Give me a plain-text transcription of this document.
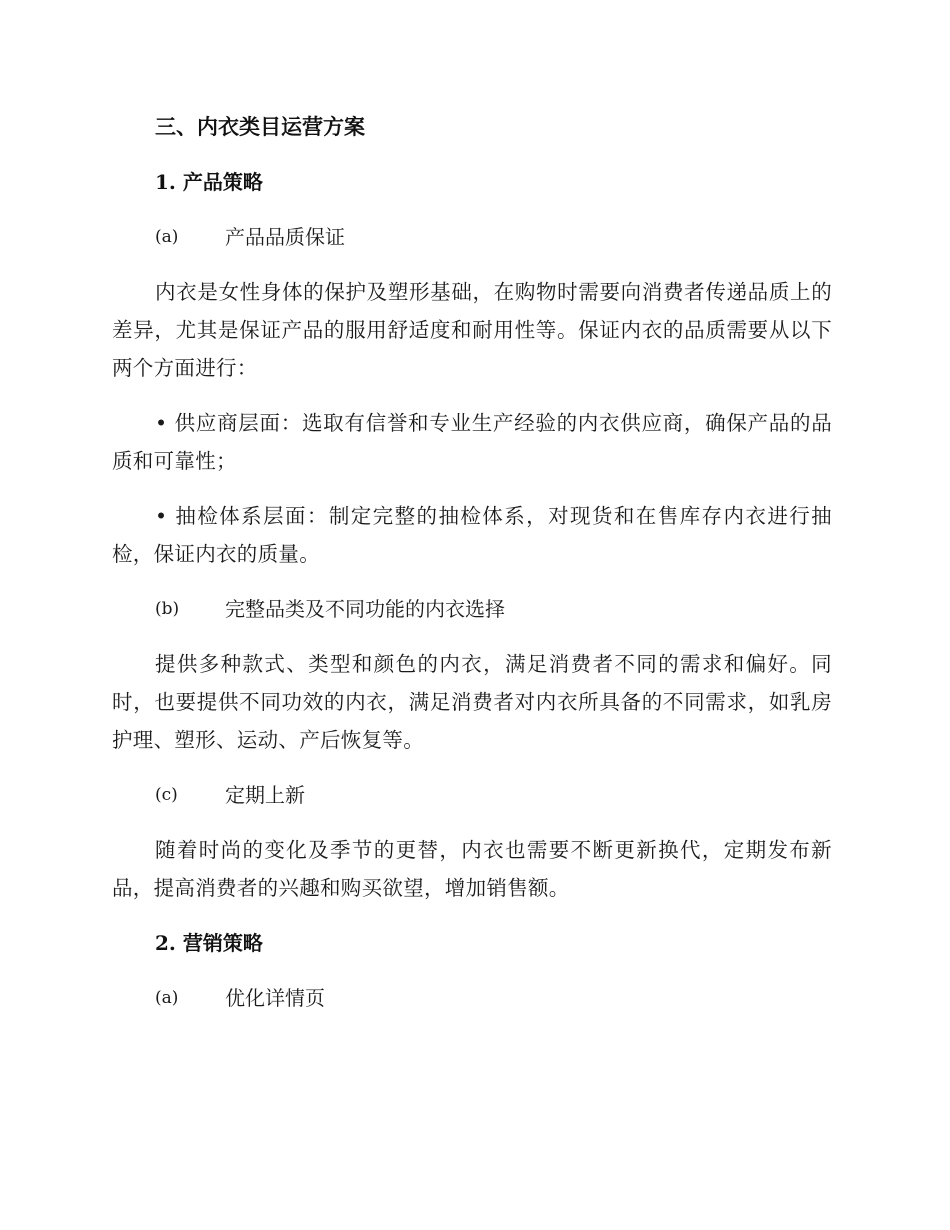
三、内衣类目运营方案
1. 产品策略
(a)	产品品质保证

内衣是女性身体的保护及塑形基础，在购物时需要向消费者传递品质上的差异，尤其是保证产品的服用舒适度和耐用性等。保证内衣的品质需要从以下两个方面进行：

• 供应商层面：选取有信誉和专业生产经验的内衣供应商，确保产品的品质和可靠性；

• 抽检体系层面：制定完整的抽检体系，对现货和在售库存内衣进行抽检，保证内衣的质量。

(b)	完整品类及不同功能的内衣选择

提供多种款式、类型和颜色的内衣，满足消费者不同的需求和偏好。同时，也要提供不同功效的内衣，满足消费者对内衣所具备的不同需求，如乳房护理、塑形、运动、产后恢复等。

(c)	定期上新

随着时尚的变化及季节的更替，内衣也需要不断更新换代，定期发布新品，提高消费者的兴趣和购买欲望，增加销售额。

2. 营销策略
(a)	优化详情页
